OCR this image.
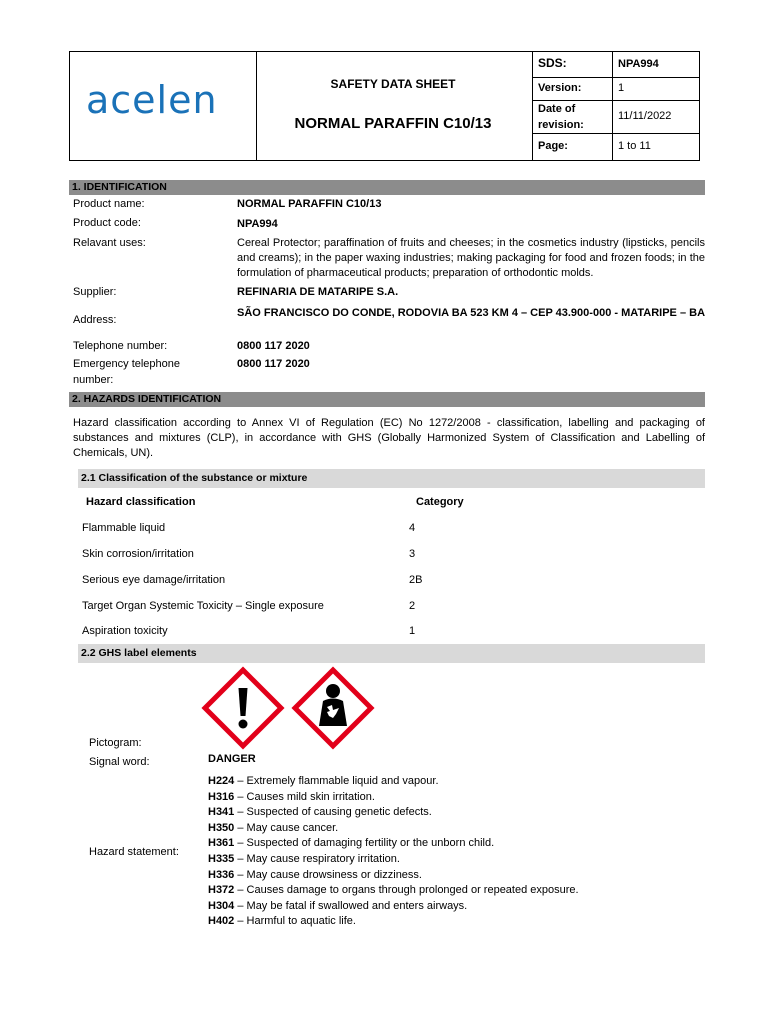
acelen	SAFETY DATA SHEET
NORMAL PARAFFIN C10/13
SDS:	NPA994
Version:	1
Date of revision:
11/11/2022
Page:	1 to 11
1. IDENTIFICATION
Product name:	NORMAL PARAFFIN C10/13
Product code:	NPA994
Relavant uses:	Cereal Protector; paraffination of fruits and cheeses; in the cosmetics industry (lipsticks, pencils and creams); in the paper waxing industries; making packaging for food and frozen foods; in the formulation of pharmaceutical products; preparation of orthodontic molds.
Supplier:	REFINARIA DE MATARIPE S.A.
Address:
SÃO FRANCISCO DO CONDE, RODOVIA BA 523 KM 4 – CEP 43.900-000 - MATARIPE – BA
Telephone number:	0800 117 2020
Emergency telephone number:
0800 117 2020
2. HAZARDS IDENTIFICATION
Hazard classification according to Annex VI of Regulation (EC) No 1272/2008 - classification, labelling and packaging of substances and mixtures (CLP), in accordance with GHS (Globally Harmonized System of Classification and Labelling of Chemicals, UN).
2.1 Classification of the substance or mixture
Hazard classification	Category
Flammable liquid	4
Skin corrosion/irritation	3
Serious eye damage/irritation	2B
Target Organ Systemic Toxicity – Single exposure	2
Aspiration toxicity	1
2.2 GHS label elements
Pictogram:
Signal word:	DANGER
Hazard statement:
H224 – Extremely flammable liquid and vapour.
H316 – Causes mild skin irritation.
H341 – Suspected of causing genetic defects.
H350 – May cause cancer.
H361 – Suspected of damaging fertility or the unborn child.
H335 – May cause respiratory irritation.
H336 – May cause drowsiness or dizziness.
H372 – Causes damage to organs through prolonged or repeated exposure.
H304 – May be fatal if swallowed and enters airways.
H402 – Harmful to aquatic life.
